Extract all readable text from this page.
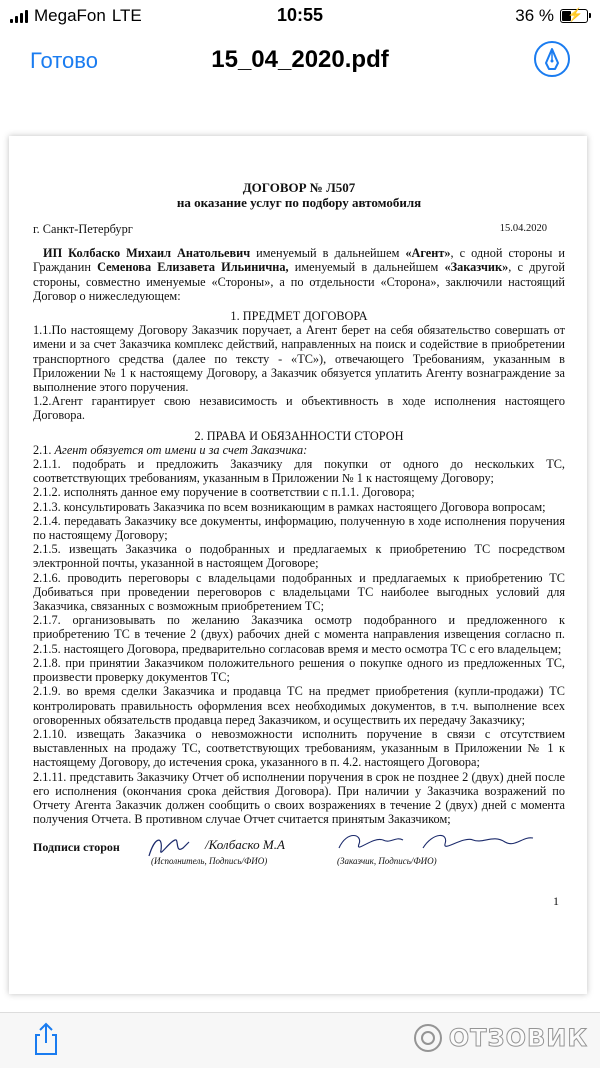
MegaFon LTE	10:55	36 % ⚡
Готово	15_04_2020.pdf

ДОГОВОР № Л507

на оказание услуг по подбору автомобиля

г. Санкт-Петербург	15.04.2020

ИП Колбаско Михаил Анатольевич именуемый в дальнейшем «Агент», с одной стороны и Гражданин Семенова Елизавета Ильинична, именуемый в дальнейшем «Заказчик», с другой стороны, совместно именуемые «Стороны», а по отдельности «Сторона», заключили настоящий Договор о нижеследующем:

1. ПРЕДМЕТ ДОГОВОРА

1.1.По настоящему Договору Заказчик поручает, а Агент берет на себя обязательство совершать от имени и за счет Заказчика комплекс действий, направленных на поиск и содействие в приобретении транспортного средства (далее по тексту - «ТС»), отвечающего Требованиям, указанным в Приложении № 1 к настоящему Договору, а Заказчик обязуется уплатить Агенту вознаграждение за выполнение этого поручения.

1.2.Агент гарантирует свою независимость и объективность в ходе исполнения настоящего Договора.

2. ПРАВА И ОБЯЗАННОСТИ СТОРОН

2.1. Агент обязуется от имени и за счет Заказчика:

2.1.1. подобрать и предложить Заказчику для покупки от одного до нескольких ТС, соответствующих требованиям, указанным в Приложении № 1 к настоящему Договору;

2.1.2. исполнять данное ему поручение в соответствии с п.1.1. Договора;

2.1.3. консультировать Заказчика по всем возникающим в рамках настоящего Договора вопросам;

2.1.4. передавать Заказчику все документы, информацию, полученную в ходе исполнения поручения по настоящему Договору;

2.1.5. извещать Заказчика о подобранных и предлагаемых к приобретению ТС посредством электронной почты, указанной в настоящем Договоре;

2.1.6. проводить переговоры с владельцами подобранных и предлагаемых к приобретению ТС Добиваться при проведении переговоров с владельцами ТС наиболее выгодных условий для Заказчика, связанных с возможным приобретением ТС;

2.1.7. организовывать по желанию Заказчика осмотр подобранного и предложенного к приобретению ТС в течение 2 (двух) рабочих дней с момента направления извещения согласно п. 2.1.5. настоящего Договора, предварительно согласовав время и место осмотра ТС с его владельцем;

2.1.8. при принятии Заказчиком положительного решения о покупке одного из предложенных ТС, произвести проверку документов ТС;

2.1.9. во время сделки Заказчика и продавца ТС на предмет приобретения (купли-продажи) ТС контролировать правильность оформления всех необходимых документов, в т.ч. выполнение всех оговоренных обязательств продавца перед Заказчиком, и осуществить их передачу Заказчику;

2.1.10. извещать Заказчика о невозможности исполнить поручение в связи с отсутствием выставленных на продажу ТС, соответствующих требованиям, указанным в Приложении № 1 к настоящему Договору, до истечения срока, указанного в п. 4.2. настоящего Договора;

2.1.11. представить Заказчику Отчет об исполнении поручения в срок не позднее 2 (двух) дней после его исполнения (окончания срока действия Договора). При наличии у Заказчика возражений по Отчету Агента Заказчик должен сообщить о своих возражениях в течение 2 (двух) дней с момента получения Отчета. В противном случае Отчет считается принятым Заказчиком;

Подписи сторон	/Колбаско М.А
(Исполнитель, Подпись/ФИО)	(Заказчик, Подпись/ФИО)
1
ОТЗОВИК
